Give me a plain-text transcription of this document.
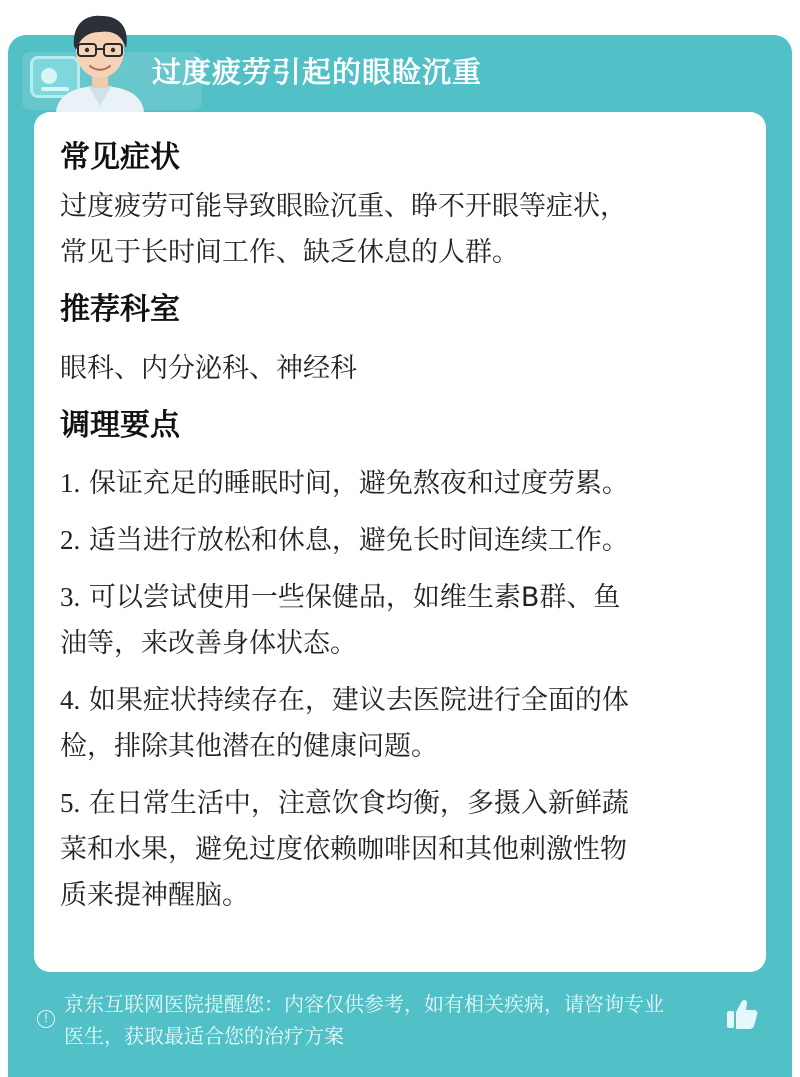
过度疲劳引起的眼睑沉重
常见症状
过度疲劳可能导致眼睑沉重、睁不开眼等症状，
常见于长时间工作、缺乏休息的人群。
推荐科室
眼科、内分泌科、神经科
调理要点
1. 保证充足的睡眠时间，避免熬夜和过度劳累。
2. 适当进行放松和休息，避免长时间连续工作。
3. 可以尝试使用一些保健品，如维生素B群、鱼
油等，来改善身体状态。
4. 如果症状持续存在，建议去医院进行全面的体
检，排除其他潜在的健康问题。
5. 在日常生活中，注意饮食均衡，多摄入新鲜蔬
菜和水果，避免过度依赖咖啡因和其他刺激性物
质来提神醒脑。
!
京东互联网医院提醒您：内容仅供参考，如有相关疾病，请咨询专业
医生，获取最适合您的治疗方案
